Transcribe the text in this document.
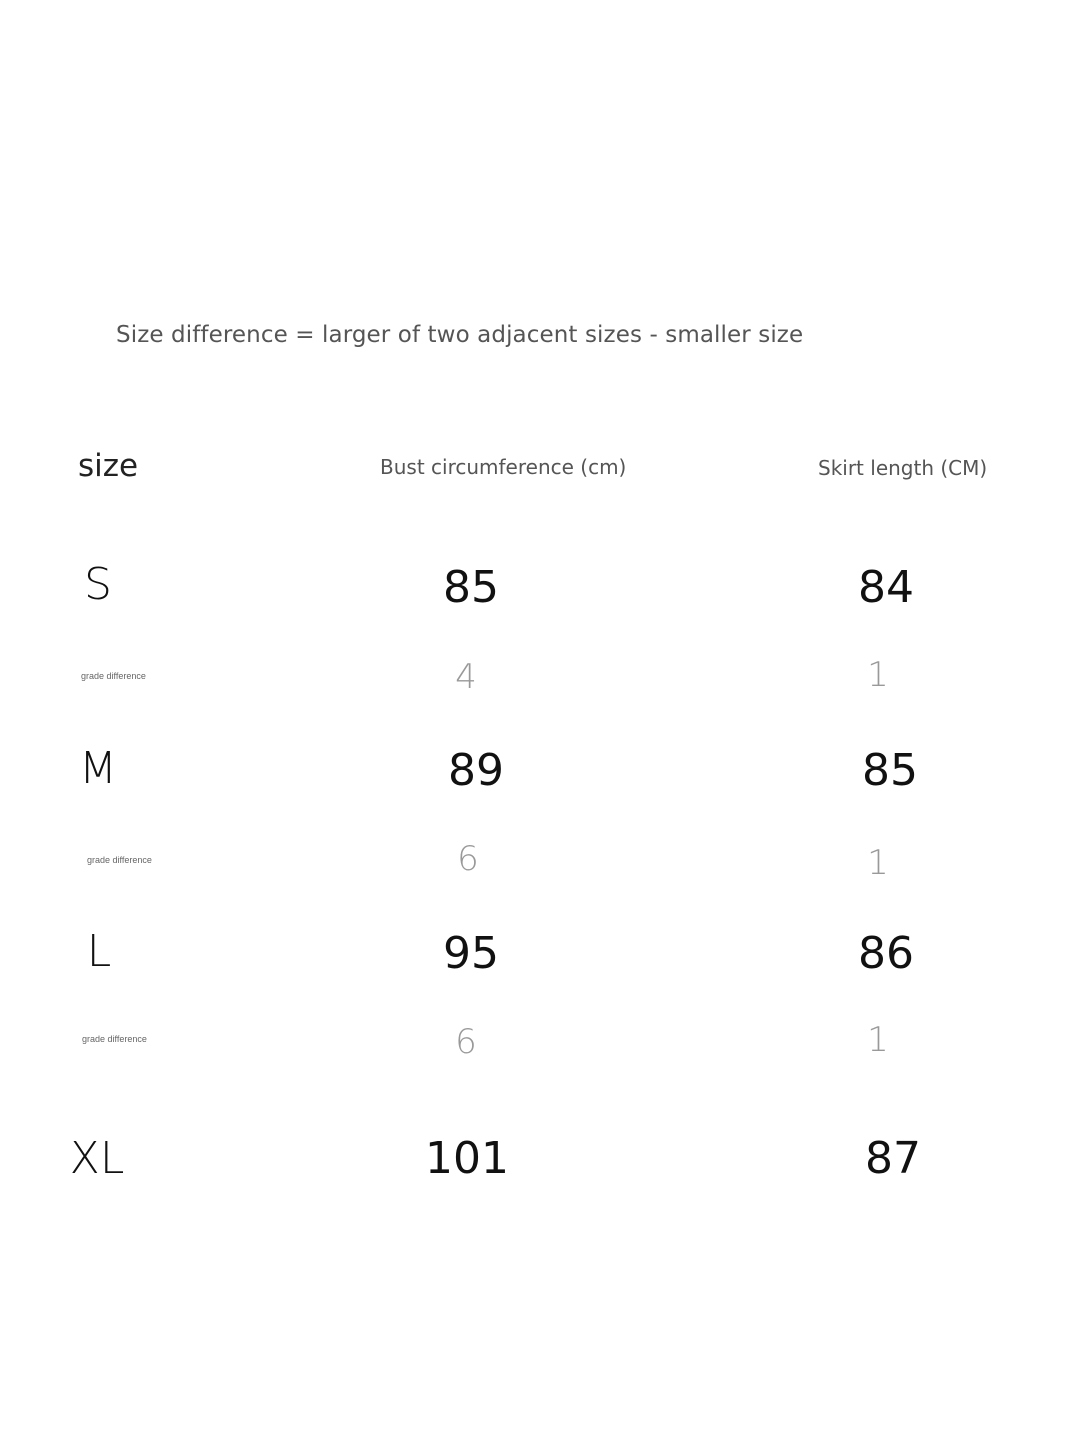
Size difference = larger of two adjacent sizes - smaller size
size	Bust circumference (cm)	Skirt length (CM)
S	85	84
grade difference	4	1
M	89	85
grade difference	6	1
L	95	86
grade difference	6	1
XL	101	87
